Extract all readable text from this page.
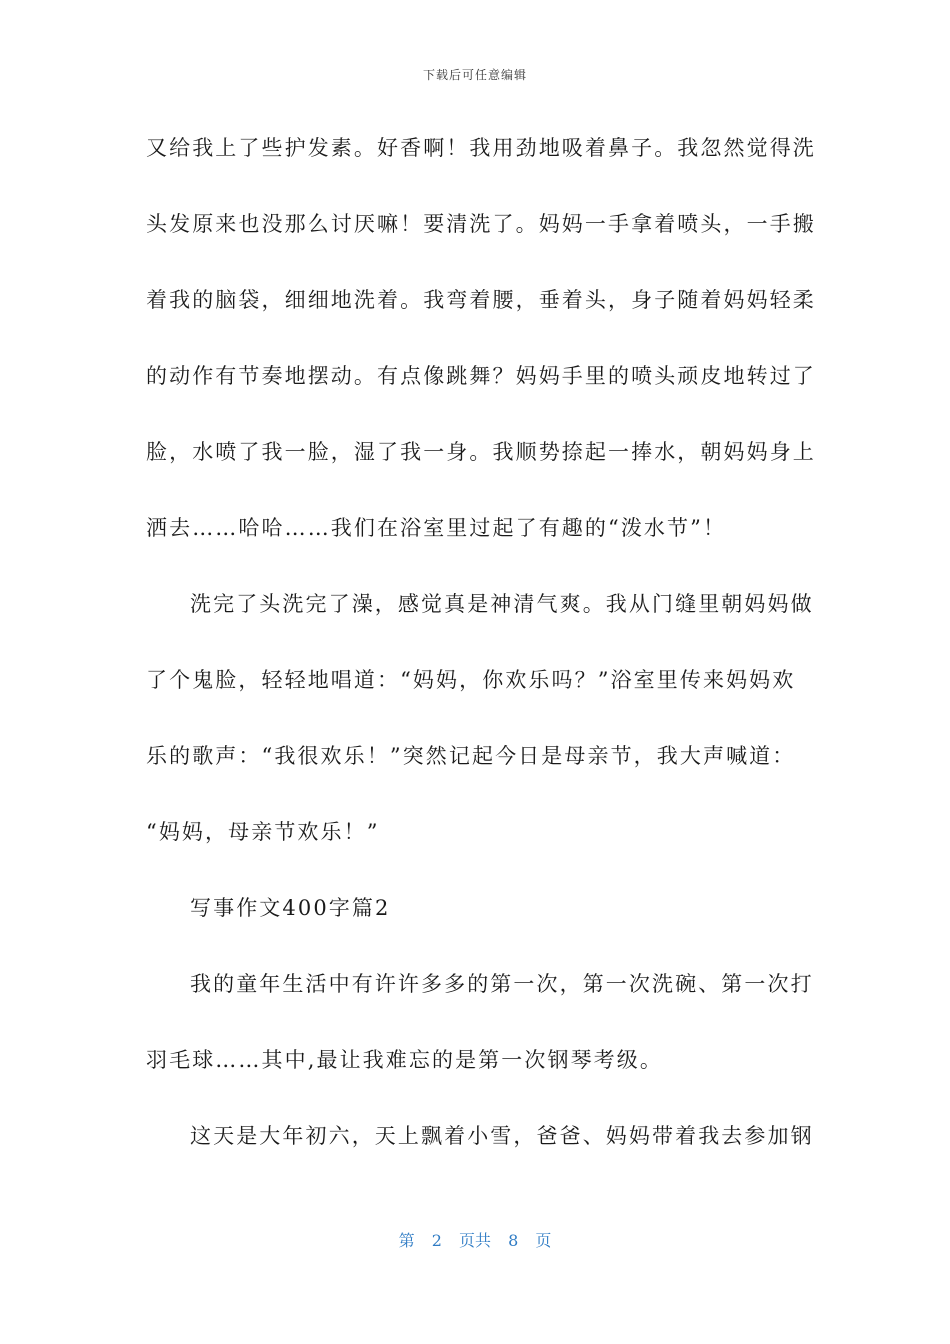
下载后可任意编辑
又给我上了些护发素。好香啊！我用劲地吸着鼻子。我忽然觉得洗
头发原来也没那么讨厌嘛！要清洗了。妈妈一手拿着喷头，一手搬
着我的脑袋，细细地洗着。我弯着腰，垂着头，身子随着妈妈轻柔
的动作有节奏地摆动。有点像跳舞？妈妈手里的喷头顽皮地转过了
脸，水喷了我一脸，湿了我一身。我顺势捺起一捧水，朝妈妈身上
洒去……哈哈……我们在浴室里过起了有趣的“泼水节”！
洗完了头洗完了澡，感觉真是神清气爽。我从门缝里朝妈妈做
了个鬼脸，轻轻地唱道：“妈妈，你欢乐吗？”浴室里传来妈妈欢
乐的歌声：“我很欢乐！”突然记起今日是母亲节，我大声喊道：
“妈妈，母亲节欢乐！”
写事作文400字篇2
我的童年生活中有许许多多的第一次，第一次洗碗、第一次打
羽毛球……其中,最让我难忘的是第一次钢琴考级。
这天是大年初六，天上飘着小雪，爸爸、妈妈带着我去参加钢
第 2 页共 8 页
